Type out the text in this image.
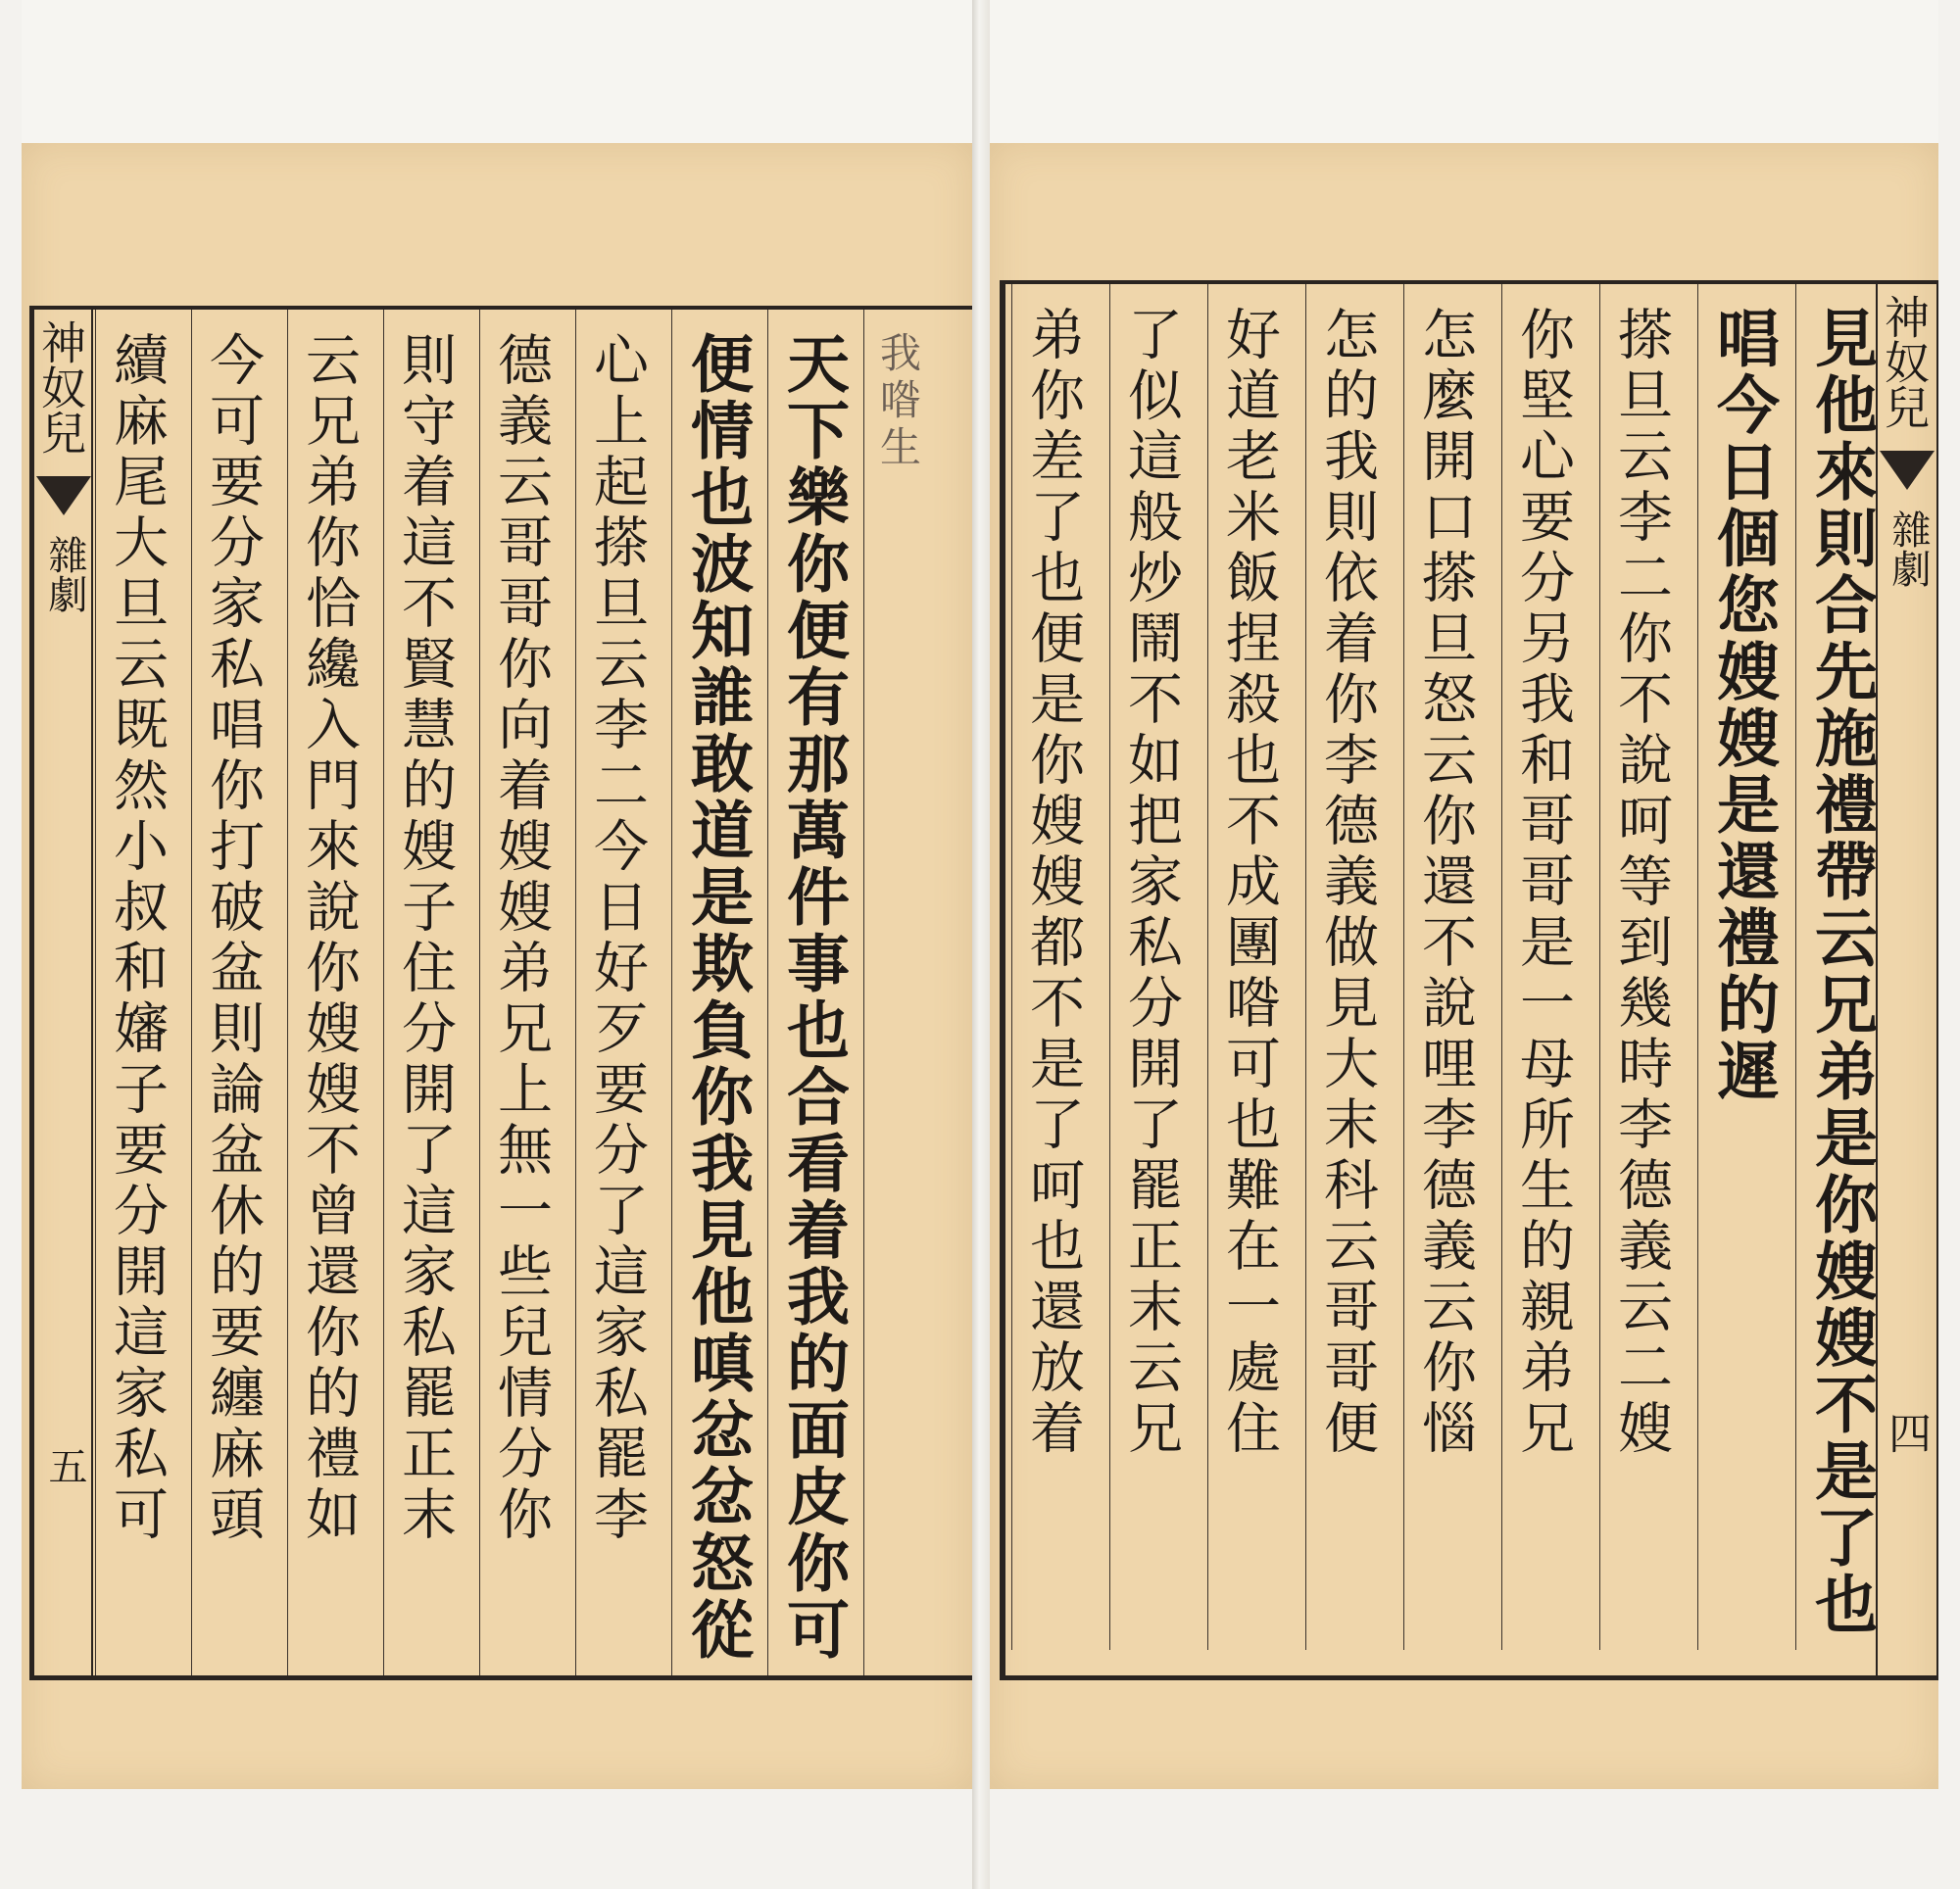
神奴兒
雜劇
五
我喒生
天下樂你便有那萬件事也合看着我的面皮你可
便情也波知誰敢道是欺負你我見他嗔忿忿怒從
心上起搽旦云李二今日好歹要分了這家私罷李
德義云哥哥你向着嫂嫂弟兄上無一些兒情分你
則守着這不賢慧的嫂子住分開了這家私罷正末
云兄弟你恰纔入門來說你嫂嫂不曾還你的禮如
今可要分家私唱你打破盆則論盆休的要纏麻頭
續麻尾大旦云既然小叔和嬸子要分開這家私可	見他來則合先施禮帶云兄弟是你嫂嫂不是了也
唱今日個您嫂嫂是還禮的遲
搽旦云李二你不說呵等到幾時李德義云二嫂
你堅心要分另我和哥哥是一母所生的親弟兄
怎麼開口搽旦怒云你還不說哩李德義云你惱
怎的我則依着你李德義做見大末科云哥哥便
好道老米飯捏殺也不成團喒可也難在一處住
了似這般炒鬧不如把家私分開了罷正末云兄
弟你差了也便是你嫂嫂都不是了呵也還放着	神奴兒
雜劇
四
